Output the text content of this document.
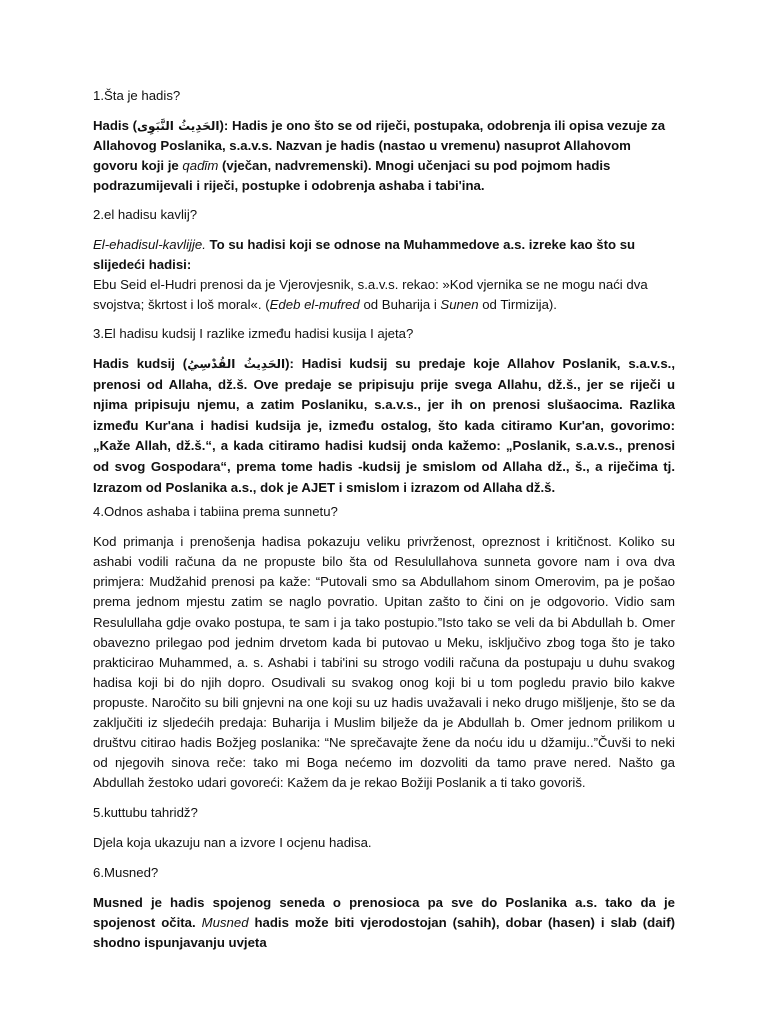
1.Šta je hadis?

Hadis (الحَدِيثُ النَّبَوِى): Hadis je ono što se od riječi, postupaka, odobrenja ili opisa vezuje za Allahovog Poslanika, s.a.v.s. Nazvan je hadis (nastao u vremenu) nasuprot Allahovom govoru koji je qadīm (vječan, nadvremenski). Mnogi učenjaci su pod pojmom hadis podrazumijevali i riječi, postupke i odobrenja ashaba i tabi'ina.

2.el hadisu kavlij?

El-ehadisul-kavlijje. To su hadisi koji se odnose na Muhammedove a.s. izreke kao što su slijedeći hadisi:
Ebu Seid el-Hudri prenosi da je Vjerovjesnik, s.a.v.s. rekao: »Kod vjernika se ne mogu naći dva svojstva; škrtost i loš moral«. (Edeb el-mufred od Buharija i Sunen od Tirmizija).

3.El hadisu kudsij I razlike između hadisi kusija I ajeta?

Hadis kudsij (الحَدِيثُ القُدْسِيُ): Hadisi kudsij su predaje koje Allahov Poslanik, s.a.v.s., prenosi od Allaha, dž.š. Ove predaje se pripisuju prije svega Allahu, dž.š., jer se riječi u njima pripisuju njemu, a zatim Poslaniku, s.a.v.s., jer ih on prenosi slušaocima. Razlika između Kur'ana i hadisi kudsija je, između ostalog, što kada citiramo Kur'an, govorimo: „Kaže Allah, dž.š.“, a kada citiramo hadisi kudsij onda kažemo: „Poslanik, s.a.v.s., prenosi od svog Gospodara“, prema tome hadis -kudsij je smislom od Allaha dž., š., a riječima tj. Izrazom od Poslanika a.s., dok je AJET i smislom i izrazom od Allaha dž.š.

4.Odnos ashaba i tabiina prema sunnetu?

Kod primanja i prenošenja hadisa pokazuju veliku privrženost, opreznost i kritičnost. Koliko su ashabi vodili računa da ne propuste bilo šta od Resulullahova sunneta govore nam i ova dva primjera: Mudžahid prenosi pa kaže: “Putovali smo sa Abdullahom sinom Omerovim, pa je pošao prema jednom mjestu zatim se naglo povratio. Upitan zašto to čini on je odgovorio. Vidio sam Resulullaha gdje ovako postupa, te sam i ja tako postupio.”Isto tako se veli da bi Abdullah b. Omer obavezno prilegao pod jednim drvetom kada bi putovao u Meku, isključivo zbog toga što je tako prakticirao Muhammed, a. s. Ashabi i tabi'ini su strogo vodili računa da postupaju u duhu svakog hadisa koji bi do njih dopro. Osudivali su svakog onog koji bi u tom pogledu pravio bilo kakve propuste. Naročito su bili gnjevni na one koji su uz hadis uvažavali i neko drugo mišljenje, što se da zaključiti iz sljedećih predaja: Buharija i Muslim bilježe da je Abdullah b. Omer jednom prilikom u društvu citirao hadis Božjeg poslanika: “Ne sprečavajte žene da noću idu u džamiju..”Čuvši to neki od njegovih sinova reče: tako mi Boga nećemo im dozvoliti da tamo prave nered. Našto ga Abdullah žestoko udari govoreći: Kažem da je rekao Božiji Poslanik a ti tako govoriš.

5.kuttubu tahridž?

Djela koja ukazuju nan a izvore I ocjenu hadisa.

6.Musned?

Musned je hadis spojenog seneda o prenosioca pa sve do Poslanika a.s. tako da je spojenost očita. Musned hadis može biti vjerodostojan (sahih), dobar (hasen) i slab (daif) shodno ispunjavanju uvjeta
